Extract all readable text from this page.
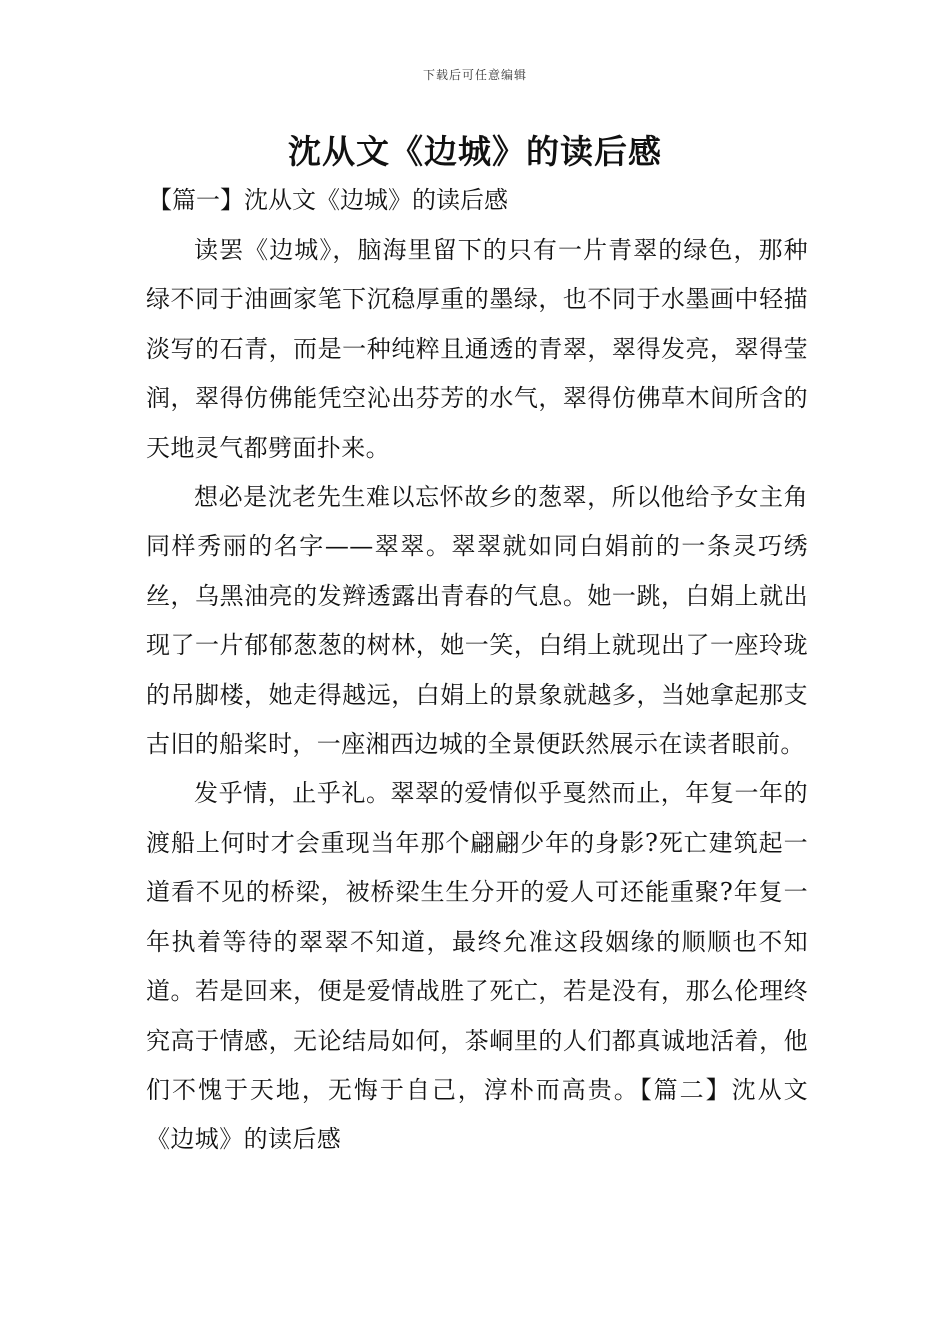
下载后可任意编辑
沈从文《边城》的读后感
【篇一】沈从文《边城》的读后感

读罢《边城》，脑海里留下的只有一片青翠的绿色，那种绿不同于油画家笔下沉稳厚重的墨绿，也不同于水墨画中轻描淡写的石青，而是一种纯粹且通透的青翠，翠得发亮，翠得莹润，翠得仿佛能凭空沁出芬芳的水气，翠得仿佛草木间所含的天地灵气都劈面扑来。

想必是沈老先生难以忘怀故乡的葱翠，所以他给予女主角同样秀丽的名字——翠翠。翠翠就如同白娟前的一条灵巧绣丝，乌黑油亮的发辫透露出青春的气息。她一跳，白娟上就出现了一片郁郁葱葱的树林，她一笑，白绢上就现出了一座玲珑的吊脚楼，她走得越远，白娟上的景象就越多，当她拿起那支古旧的船桨时，一座湘西边城的全景便跃然展示在读者眼前。

发乎情，止乎礼。翠翠的爱情似乎戛然而止，年复一年的渡船上何时才会重现当年那个翩翩少年的身影?死亡建筑起一道看不见的桥梁，被桥梁生生分开的爱人可还能重聚?年复一年执着等待的翠翠不知道，最终允准这段姻缘的顺顺也不知道。若是回来，便是爱情战胜了死亡，若是没有，那么伦理终究高于情感，无论结局如何，茶峒里的人们都真诚地活着，他们不愧于天地，无悔于自己，淳朴而高贵。【篇二】沈从文《边城》的读后感
